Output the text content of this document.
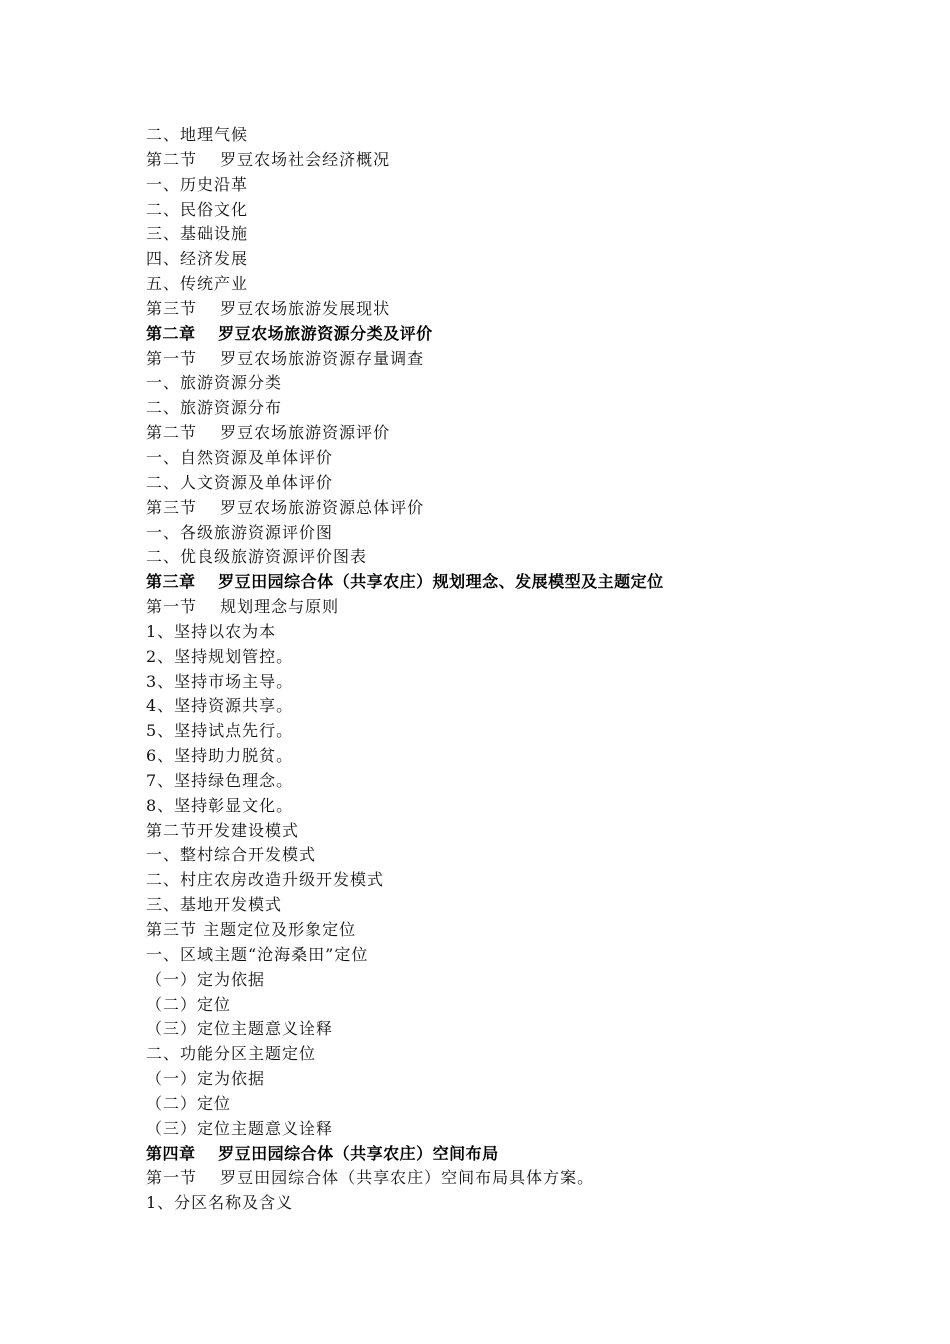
二、地理气候
第二节　 罗豆农场社会经济概况
一、历史沿革
二、民俗文化
三、基础设施
四、经济发展
五、传统产业
第三节　 罗豆农场旅游发展现状
第二章　 罗豆农场旅游资源分类及评价
第一节　 罗豆农场旅游资源存量调查
一、旅游资源分类
二、旅游资源分布
第二节　 罗豆农场旅游资源评价
一、自然资源及单体评价
二、人文资源及单体评价
第三节　 罗豆农场旅游资源总体评价
一、各级旅游资源评价图
二、优良级旅游资源评价图表
第三章　 罗豆田园综合体（共享农庄）规划理念、发展模型及主题定位
第一节　 规划理念与原则
1、坚持以农为本
2、坚持规划管控。
3、坚持市场主导。
4、坚持资源共享。
5、坚持试点先行。
6、坚持助力脱贫。
7、坚持绿色理念。
8、坚持彰显文化。
第二节开发建设模式
一、整村综合开发模式
二、村庄农房改造升级开发模式
三、基地开发模式
第三节 主题定位及形象定位
一、区域主题“沧海桑田”定位
（一）定为依据
（二）定位
（三）定位主题意义诠释
二、功能分区主题定位
（一）定为依据
（二）定位
（三）定位主题意义诠释
第四章　 罗豆田园综合体（共享农庄）空间布局
第一节　 罗豆田园综合体（共享农庄）空间布局具体方案。
1、分区名称及含义
